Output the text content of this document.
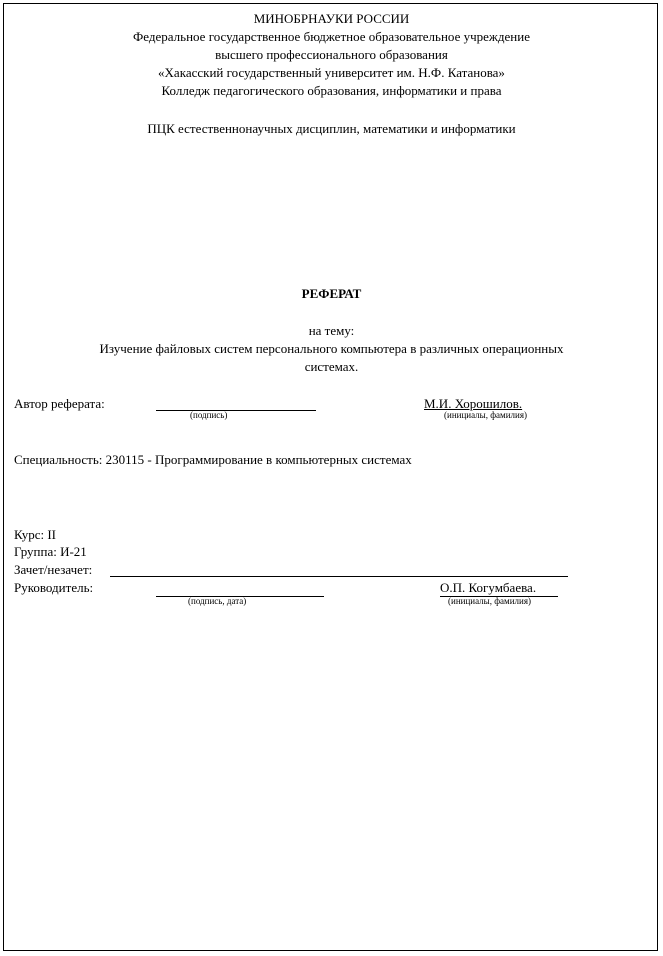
МИНОБРНАУКИ РОССИИ
Федеральное государственное бюджетное образовательное учреждение
высшего профессионального образования
«Хакасский государственный университет им. Н.Ф. Катанова»
Колледж педагогического образования, информатики и права
ПЦК естественнонаучных дисциплин, математики и информатики
РЕФЕРАТ
на тему:
Изучение файловых систем персонального компьютера в различных операционных
системах.
Автор реферата:
(подпись)
М.И. Хорошилов.
(инициалы, фамилия)
Специальность: 230115 - Программирование в компьютерных системах
Курс: II
Группа: И-21
Зачет/незачет:
Руководитель:
(подпись, дата)
О.П. Когумбаева.
(инициалы, фамилия)
